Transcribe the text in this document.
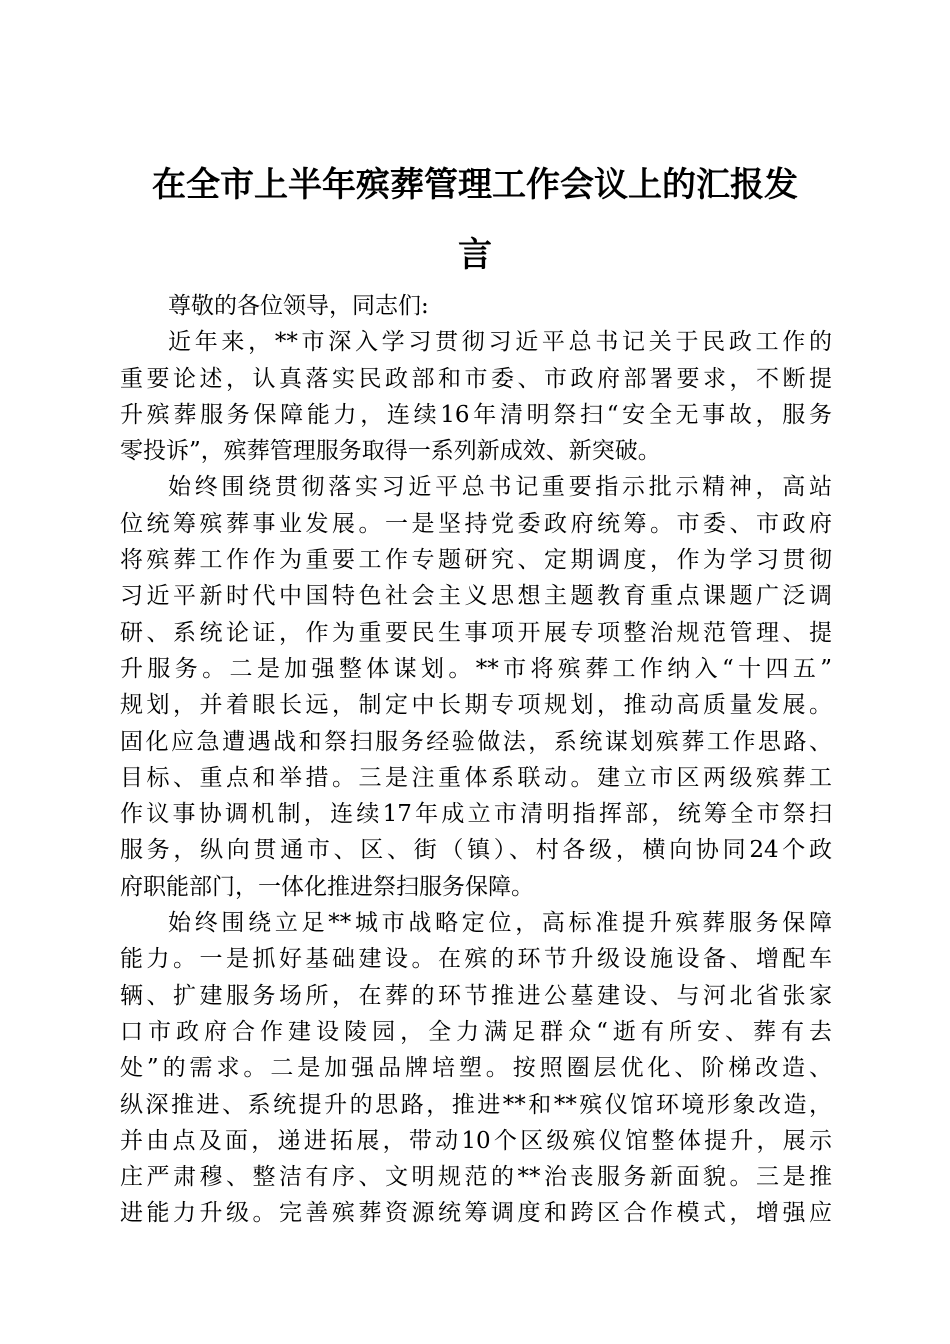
在全市上半年殡葬管理工作会议上的汇报发
言
尊敬的各位领导，同志们:
近年来，**市深入学习贯彻习近平总书记关于民政工作的
重要论述，认真落实民政部和市委、市政府部署要求，不断提
升殡葬服务保障能力，连续16年清明祭扫“安全无事故，服务
零投诉”，殡葬管理服务取得一系列新成效、新突破。
始终围绕贯彻落实习近平总书记重要指示批示精神，高站
位统筹殡葬事业发展。一是坚持党委政府统筹。市委、市政府
将殡葬工作作为重要工作专题研究、定期调度，作为学习贯彻
习近平新时代中国特色社会主义思想主题教育重点课题广泛调
研、系统论证，作为重要民生事项开展专项整治规范管理、提
升服务。二是加强整体谋划。**市将殡葬工作纳入“十四五”
规划，并着眼长远，制定中长期专项规划，推动高质量发展。
固化应急遭遇战和祭扫服务经验做法，系统谋划殡葬工作思路、
目标、重点和举措。三是注重体系联动。建立市区两级殡葬工
作议事协调机制，连续17年成立市清明指挥部，统筹全市祭扫
服务，纵向贯通市、区、街（镇）、村各级，横向协同24个政
府职能部门，一体化推进祭扫服务保障。
始终围绕立足**城市战略定位，高标准提升殡葬服务保障
能力。一是抓好基础建设。在殡的环节升级设施设备、增配车
辆、扩建服务场所，在葬的环节推进公墓建设、与河北省张家
口市政府合作建设陵园，全力满足群众“逝有所安、葬有去
处”的需求。二是加强品牌培塑。按照圈层优化、阶梯改造、
纵深推进、系统提升的思路，推进**和**殡仪馆环境形象改造，
并由点及面，递进拓展，带动10个区级殡仪馆整体提升，展示
庄严肃穆、整洁有序、文明规范的**治丧服务新面貌。三是推
进能力升级。完善殡葬资源统筹调度和跨区合作模式，增强应
